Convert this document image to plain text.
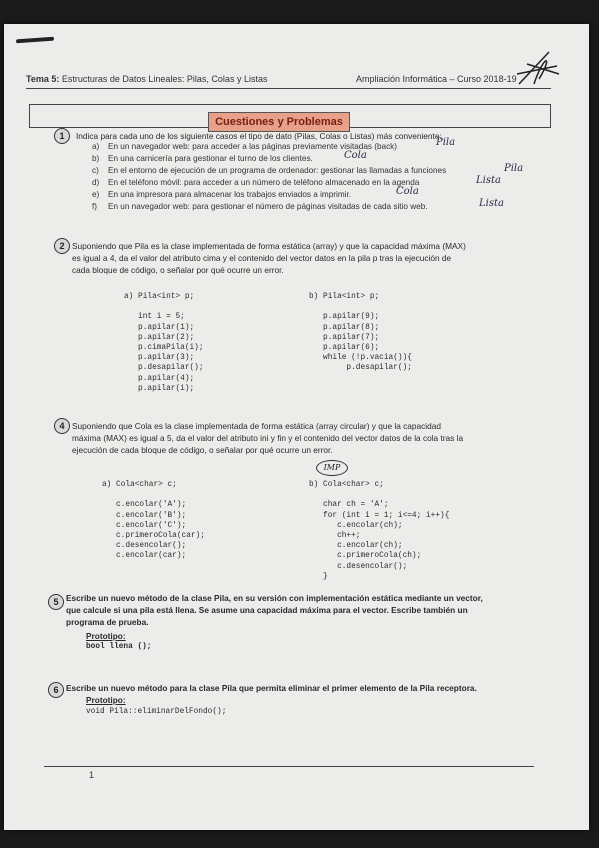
Tema 5: Estructuras de Datos Lineales: Pilas, Colas y Listas	Ampliación Informática – Curso 2018-19
Cuestiones y Problemas
1	Indica para cada uno de los siguiente casos el tipo de dato (Pilas, Colas o Listas) más conveniente:
a) En un navegador web: para acceder a las páginas previamente visitadas (back)	Pila
b) En una carnicería para gestionar el turno de los clientes.	Cola
c) En el entorno de ejecución de un programa de ordenador: gestionar las llamadas a funciones	Pila
d) En el teléfono móvil: para acceder a un número de teléfono almacenado en la agenda	Lista
e) En una impresora para almacenar los trabajos enviados a imprimir.	Cola
f) En un navegador web: para gestionar el número de páginas visitadas de cada sitio web.	Lista
2 Suponiendo que Pila es la clase implementada de forma estática (array) y que la capacidad máxima (MAX)
es igual a 4, da el valor del atributo cima y el contenido del vector datos en la pila p tras la ejecución de
cada bloque de código, o señalar por qué ocurre un error.
a) Pila<int> p;

int i = 5;
p.apilar(1);
p.apilar(2);
p.cimaPila(i);
p.apilar(3);
p.desapilar();
p.apilar(4);
p.apilar(i);
b) Pila<int> p;

p.apilar(9);
p.apilar(8);
p.apilar(7);
p.apilar(6);
while (!p.vacia()){
p.desapilar();
4 Suponiendo que Cola es la clase implementada de forma estática (array circular) y que la capacidad
máxima (MAX) es igual a 5, da el valor del atributo ini y fin y el contenido del vector datos de la cola tras la
ejecución de cada bloque de código, o señalar por qué ocurre un error.
IMP
a) Cola<char> c;

c.encolar('A');
c.encolar('B');
c.encolar('C');
c.primeroCola(car);
c.desencolar();
c.encolar(car);
b) Cola<char> c;

char ch = 'A';
for (int i = 1; i<=4; i++){
c.encolar(ch);
ch++;
c.encolar(ch);
c.primeroCola(ch);
c.desencolar();
}
5 Escribe un nuevo método de la clase Pila, en su versión con implementación estática mediante un vector,
que calcule si una pila está llena. Se asume una capacidad máxima para el vector. Escribe también un
programa de prueba.
Prototipo:
bool llena ();
6 Escribe un nuevo método para la clase Pila que permita eliminar el primer elemento de la Pila receptora.
Prototipo:
void Pila::eliminarDelFondo();
1
